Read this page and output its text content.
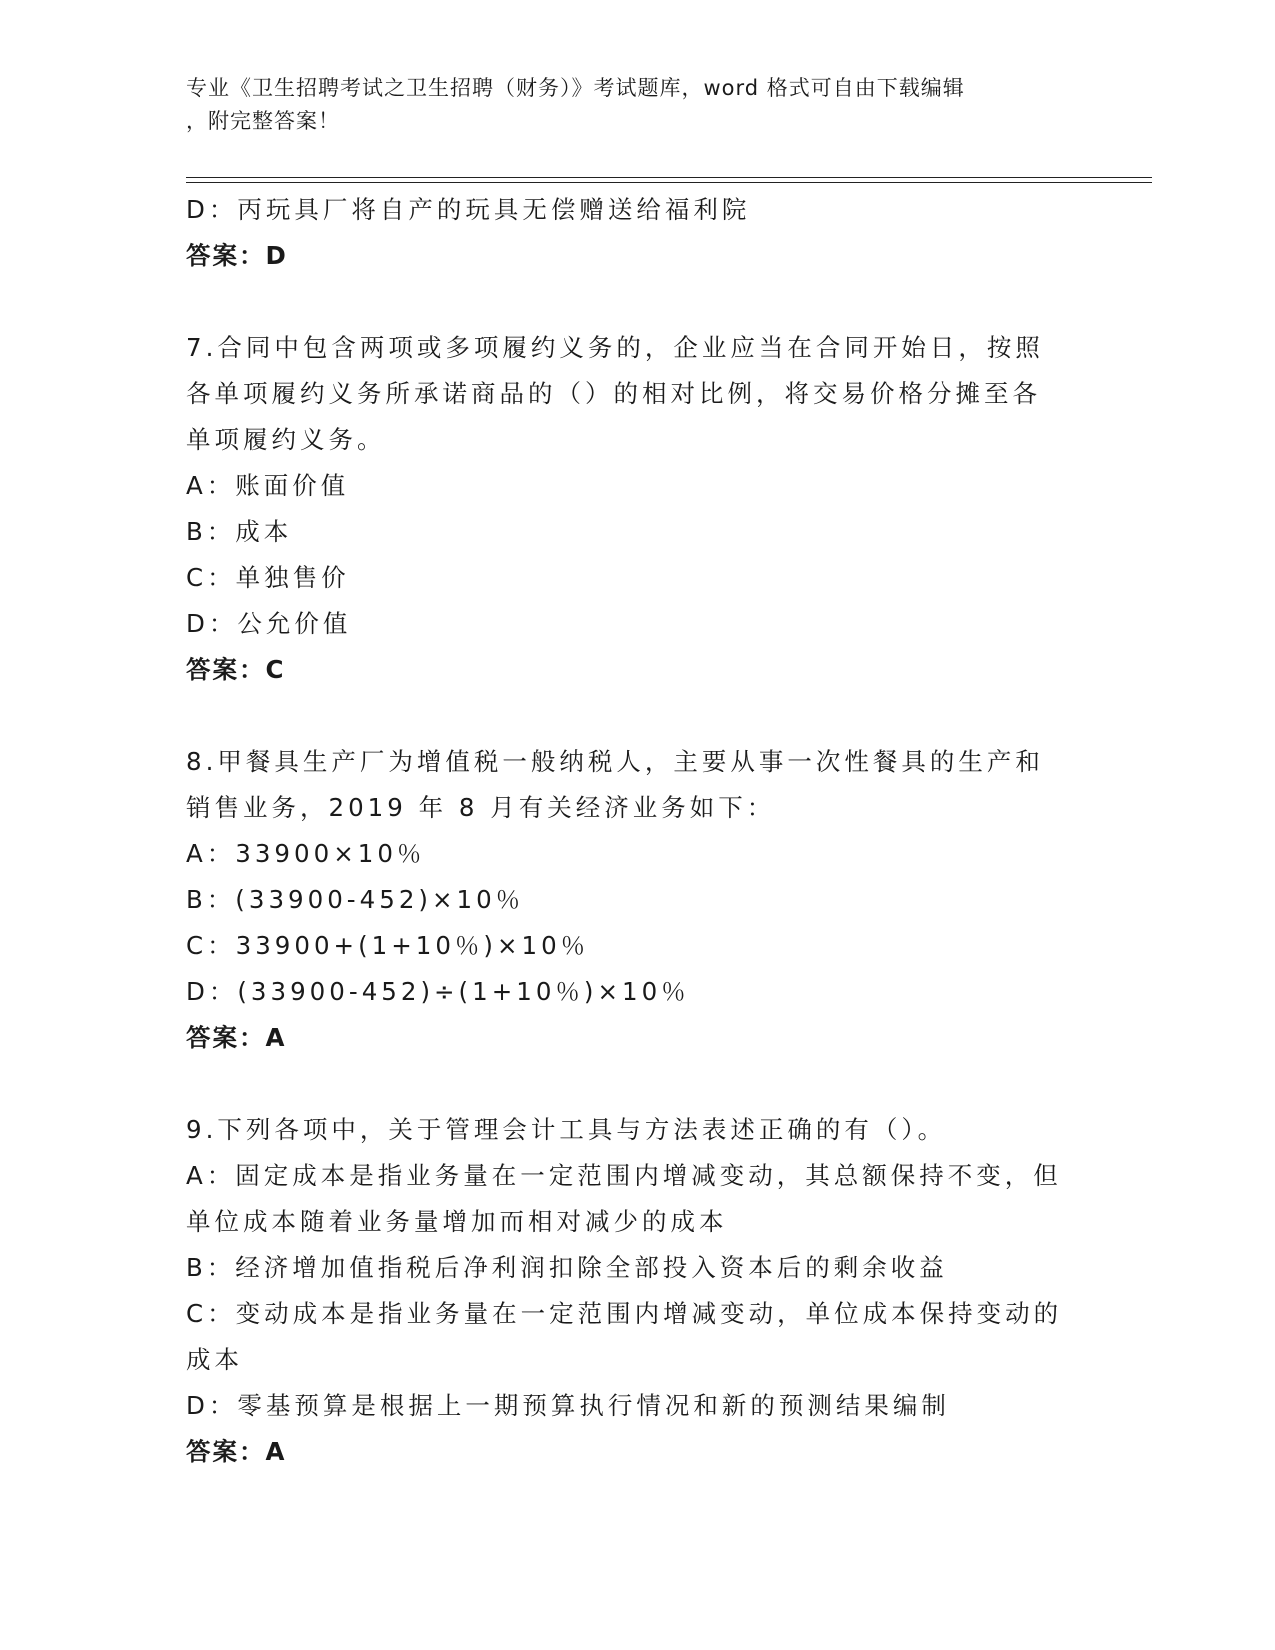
专业《卫生招聘考试之卫生招聘（财务）》考试题库，word 格式可自由下载编辑
，附完整答案！
D：丙玩具厂将自产的玩具无偿赠送给福利院
答案：D
7.合同中包含两项或多项履约义务的，企业应当在合同开始日，按照
各单项履约义务所承诺商品的（）的相对比例，将交易价格分摊至各
单项履约义务。
A：账面价值
B：成本
C：单独售价
D：公允价值
答案：C
8.甲餐具生产厂为增值税一般纳税人，主要从事一次性餐具的生产和
销售业务，2019 年 8 月有关经济业务如下：
A：33900×10％
B：(33900-452)×10％
C：33900+(1+10％)×10％
D：(33900-452)÷(1+10％)×10％
答案：A
9.下列各项中，关于管理会计工具与方法表述正确的有（）。
A：固定成本是指业务量在一定范围内增减变动，其总额保持不变，但
单位成本随着业务量增加而相对减少的成本
B：经济增加值指税后净利润扣除全部投入资本后的剩余收益
C：变动成本是指业务量在一定范围内增减变动，单位成本保持变动的
成本
D：零基预算是根据上一期预算执行情况和新的预测结果编制
答案：A
